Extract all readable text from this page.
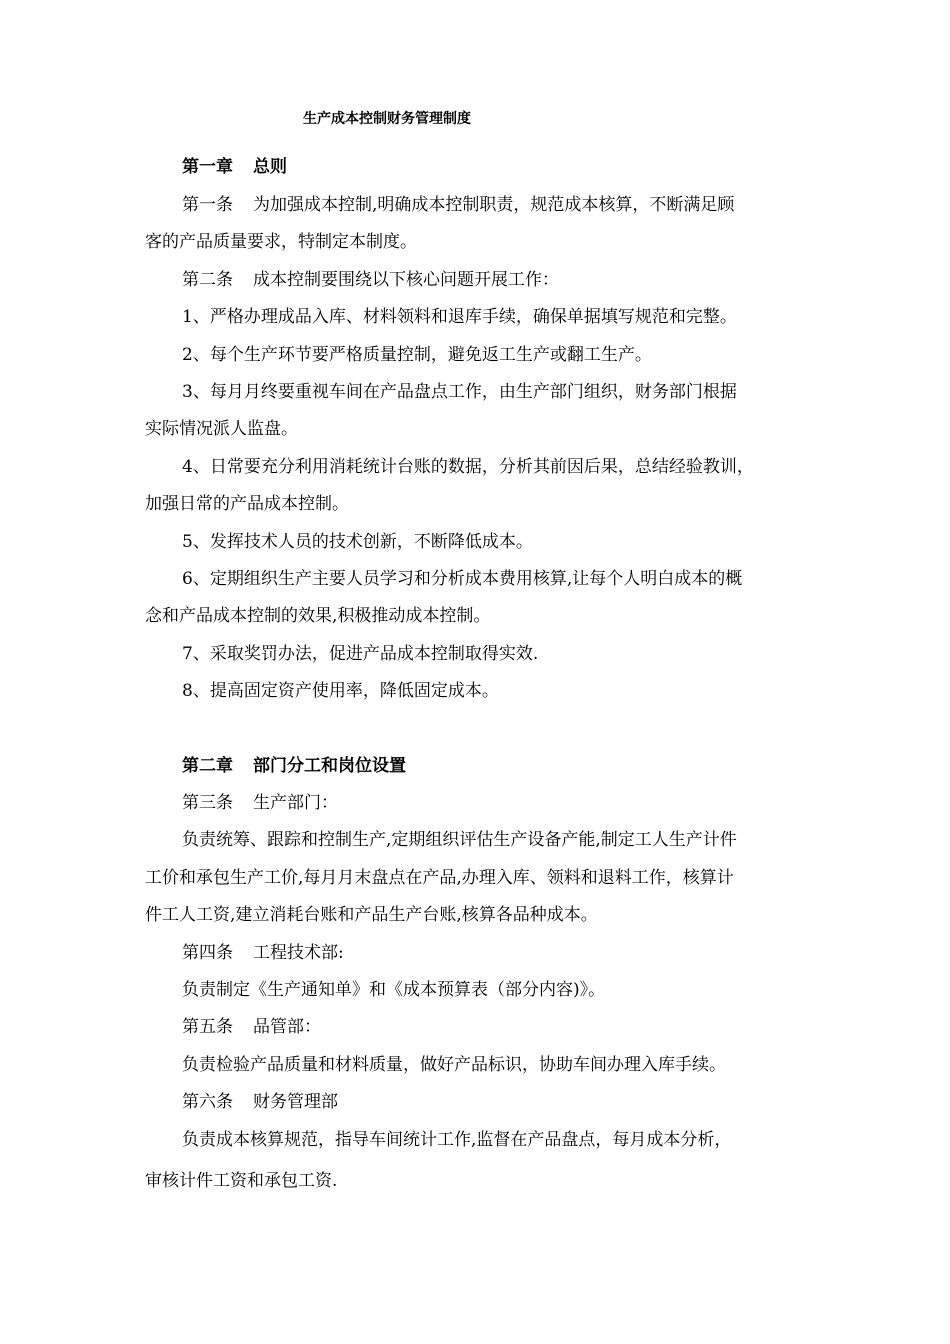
生产成本控制财务管理制度
第一章 总则
第一条 为加强成本控制,明确成本控制职责，规范成本核算，不断满足顾
客的产品质量要求，特制定本制度。
第二条 成本控制要围绕以下核心问题开展工作：
1、严格办理成品入库、材料领料和退库手续，确保单据填写规范和完整。
2、每个生产环节要严格质量控制，避免返工生产或翻工生产。
3、每月月终要重视车间在产品盘点工作，由生产部门组织，财务部门根据
实际情况派人监盘。
4、日常要充分利用消耗统计台账的数据，分析其前因后果，总结经验教训，
加强日常的产品成本控制。
5、发挥技术人员的技术创新，不断降低成本。
6、定期组织生产主要人员学习和分析成本费用核算,让每个人明白成本的概
念和产品成本控制的效果,积极推动成本控制。
7、采取奖罚办法，促进产品成本控制取得实效.
8、提高固定资产使用率，降低固定成本。
第二章 部门分工和岗位设置
第三条 生产部门：
负责统筹、跟踪和控制生产,定期组织评估生产设备产能,制定工人生产计件
工价和承包生产工价,每月月末盘点在产品,办理入库、领料和退料工作，核算计
件工人工资,建立消耗台账和产品生产台账,核算各品种成本。
第四条 工程技术部:
负责制定《生产通知单》和《成本预算表（部分内容)》。
第五条 品管部：
负责检验产品质量和材料质量，做好产品标识，协助车间办理入库手续。
第六条 财务管理部
负责成本核算规范，指导车间统计工作,监督在产品盘点，每月成本分析，
审核计件工资和承包工资.
